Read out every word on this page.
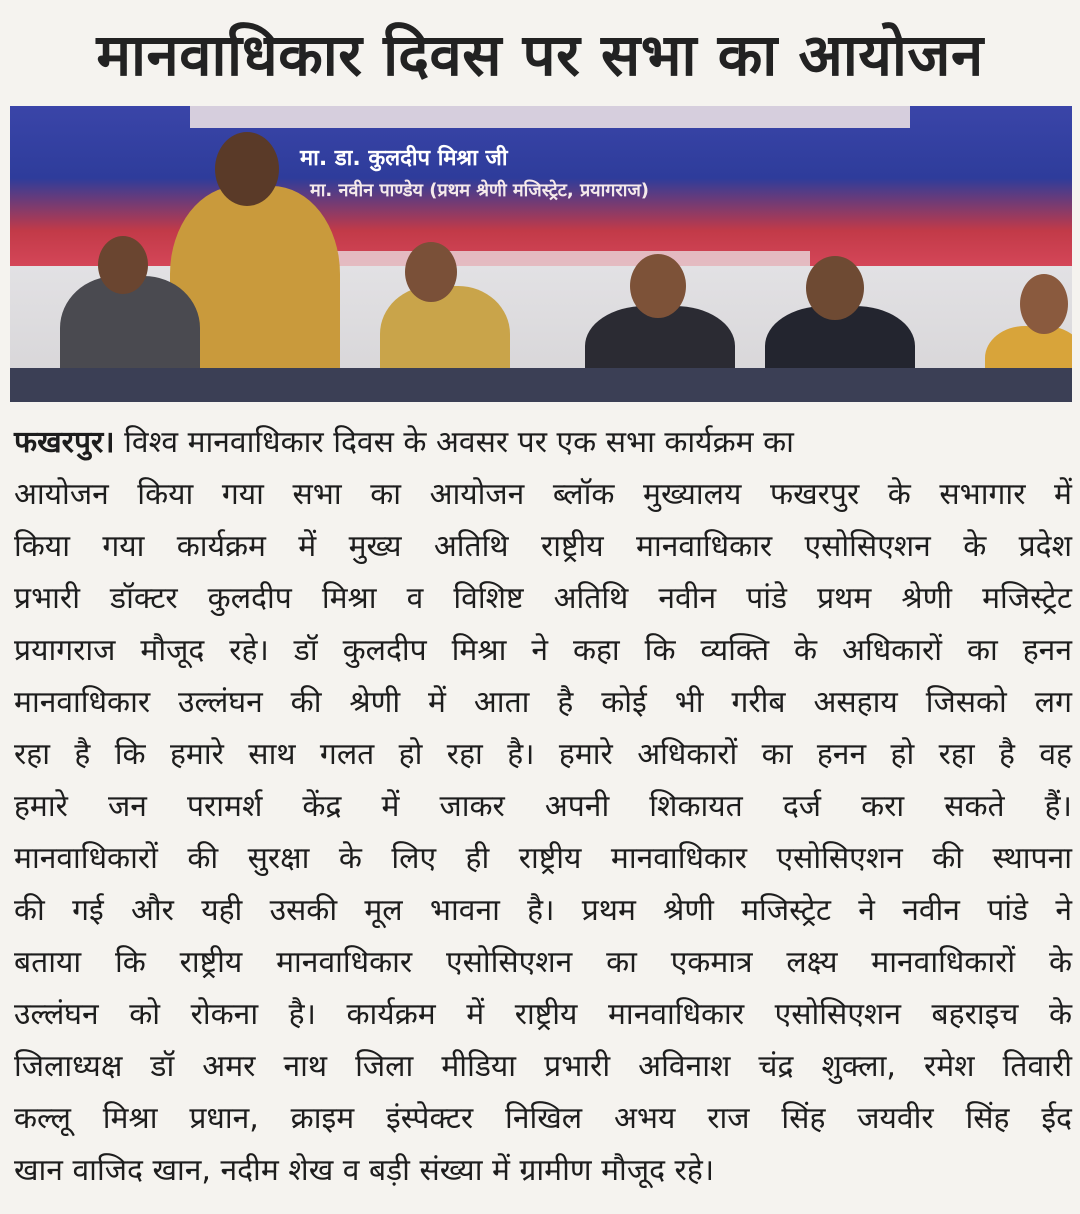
मानवाधिकार दिवस पर सभा का आयोजन
मा. डा. कुलदीप मिश्रा जी
मा. नवीन पाण्डेय (प्रथम श्रेणी मजिस्ट्रेट, प्रयागराज)
फखरपुर। विश्व मानवाधिकार दिवस के अवसर पर एक सभा कार्यक्रम का
आयोजन किया गया सभा का आयोजन ब्लॉक मुख्यालय फखरपुर के सभागार में
किया गया कार्यक्रम में मुख्य अतिथि राष्ट्रीय मानवाधिकार एसोसिएशन के प्रदेश
प्रभारी डॉक्टर कुलदीप मिश्रा व विशिष्ट अतिथि नवीन पांडे प्रथम श्रेणी मजिस्ट्रेट
प्रयागराज मौजूद रहे। डॉ कुलदीप मिश्रा ने कहा कि व्यक्ति के अधिकारों का हनन
मानवाधिकार उल्लंघन की श्रेणी में आता है कोई भी गरीब असहाय जिसको लग
रहा है कि हमारे साथ गलत हो रहा है। हमारे अधिकारों का हनन हो रहा है वह
हमारे जन परामर्श केंद्र में जाकर अपनी शिकायत दर्ज करा सकते हैं।
मानवाधिकारों की सुरक्षा के लिए ही राष्ट्रीय मानवाधिकार एसोसिएशन की स्थापना
की गई और यही उसकी मूल भावना है। प्रथम श्रेणी मजिस्ट्रेट ने नवीन पांडे ने
बताया कि राष्ट्रीय मानवाधिकार एसोसिएशन का एकमात्र लक्ष्य मानवाधिकारों के
उल्लंघन को रोकना है। कार्यक्रम में राष्ट्रीय मानवाधिकार एसोसिएशन बहराइच के
जिलाध्यक्ष डॉ अमर नाथ जिला मीडिया प्रभारी अविनाश चंद्र शुक्ला, रमेश तिवारी
कल्लू मिश्रा प्रधान, क्राइम इंस्पेक्टर निखिल अभय राज सिंह जयवीर सिंह ईद
खान वाजिद खान, नदीम शेख व बड़ी संख्या में ग्रामीण मौजूद रहे।
